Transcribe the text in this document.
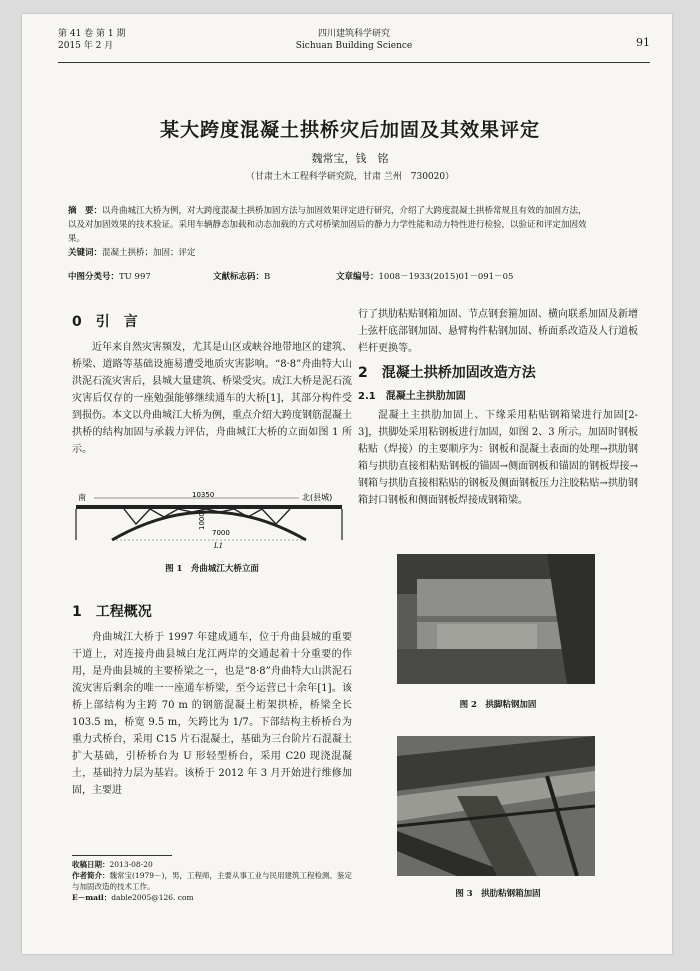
第 41 卷 第 1 期
2015 年 2 月
四川建筑科学研究
Sichuan Building Science	91
某大跨度混凝土拱桥灾后加固及其效果评定
魏常宝，钱　铭
（甘肃土木工程科学研究院，甘肃 兰州　730020）
摘　要：以舟曲城江大桥为例，对大跨度混凝土拱桥加固方法与加固效果评定进行研究，介绍了大跨度混凝土拱桥常规且有效的加固方法，以及对加固效果的技术验证。采用车辆静态加载和动态加载的方式对桥梁加固后的静力力学性能和动力特性进行检验，以验证和评定加固效果。
关键词：混凝土拱桥；加固；评定
中图分类号：TU 997	文献标志码：B	文章编号：1008－1933(2015)01－091－05
0　引　言

近年来自然灾害频发，尤其是山区或峡谷地带地区的建筑、桥梁、道路等基础设施易遭受地质灾害影响。“8·8”舟曲特大山洪泥石流灾害后，县城大量建筑、桥梁受灾。成江大桥是泥石流灾害后仅存的一座勉强能够继续通车的大桥[1]，其部分构件受到损伤。本文以舟曲城江大桥为例，重点介绍大跨度钢筋混凝土拱桥的结构加固与承载力评估，舟曲城江大桥的立面如图 1 所示。

南	北(县城)
10350
1000
7000
L1
图 1　舟曲城江大桥立面
1　工程概况

舟曲城江大桥于 1997 年建成通车，位于舟曲县城的重要干道上，对连接舟曲县城白龙江两岸的交通起着十分重要的作用，是舟曲县城的主要桥梁之一，也是“8·8”舟曲特大山洪泥石流灾害后剩余的唯一一座通车桥梁，至今运营已十余年[1]。该桥上部结构为主跨 70 m 的钢筋混凝土桁架拱桥，桥梁全长 103.5 m，桥宽 9.5 m，矢跨比为 1/7。下部结构主桥桥台为重力式桥台，采用 C15 片石混凝土，基础为三台阶片石混凝土扩大基础，引桥桥台为 U 形轻型桥台，采用 C20 现浇混凝土，基础持力层为基岩。该桥于 2012 年 3 月开始进行维修加固，主要进

行了拱肋粘贴钢箱加固、节点钢套箍加固、横向联系加固及新增上弦杆底部钢加固、悬臂构件粘钢加固、桥面系改造及人行道板栏杆更换等。

2　混凝土拱桥加固改造方法
2.1　混凝土主拱肋加固

混凝土主拱肋加固上、下缘采用粘贴钢箱梁进行加固[2-3]，拱脚处采用粘钢板进行加固，如图 2、3 所示。加固时钢板粘贴（焊接）的主要顺序为：钢板和混凝土表面的处理→拱肋钢箱与拱肋直接相粘贴钢板的锚固→侧面钢板和锚固的钢板焊接→钢箱与拱肋直接相粘贴的钢板及侧面钢板压力注胶粘贴→拱肋钢箱封口钢板和侧面钢板焊接成钢箱梁。

图 2　拱脚粘钢加固
图 3　拱肋粘钢箱加固
收稿日期：2013-08-20
作者简介：魏常宝(1979－)，男，工程师，主要从事工业与民用建筑工程检测、鉴定与加固改造的技术工作。
E－mail：dable2005@126. com
